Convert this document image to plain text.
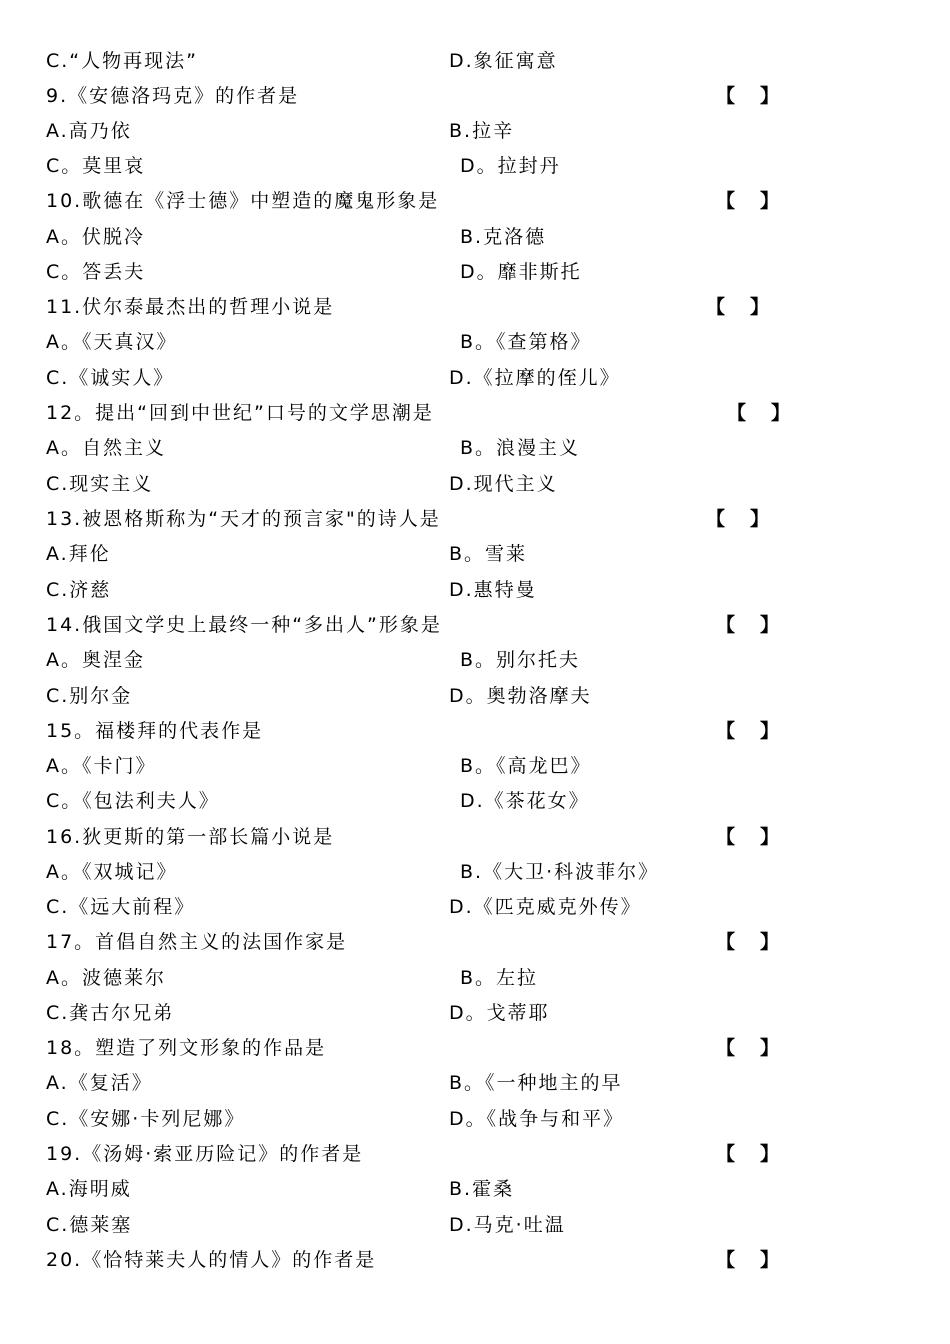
C.“人物再现法”	D.象征寓意
9.《安德洛玛克》的作者是	【 】
A.高乃依	B.拉辛
C。莫里哀	D。拉封丹
10.歌德在《浮士德》中塑造的魔鬼形象是	【 】
A。伏脱冷	B.克洛德
C。答丢夫	D。靡非斯托
11.伏尔泰最杰出的哲理小说是	【 】
A。《天真汉》	B。《查第格》
C.《诚实人》	D.《拉摩的侄儿》
12。提出“回到中世纪”口号的文学思潮是	【 】
A。自然主义	B。浪漫主义
C.现实主义	D.现代主义
13.被恩格斯称为“天才的预言家"的诗人是	【 】
A.拜伦	B。雪莱
C.济慈	D.惠特曼
14.俄国文学史上最终一种“多出人”形象是	【 】
A。奥涅金	B。别尔托夫
C.别尔金	D。奥勃洛摩夫
15。福楼拜的代表作是	【 】
A。《卡门》	B。《高龙巴》
C。《包法利夫人》	D.《茶花女》
16.狄更斯的第一部长篇小说是	【 】
A。《双城记》	B.《大卫·科波菲尔》
C.《远大前程》	D.《匹克威克外传》
17。首倡自然主义的法国作家是	【 】
A。波德莱尔	B。左拉
C.龚古尔兄弟	D。戈蒂耶
18。塑造了列文形象的作品是	【 】
A.《复活》	B。《一种地主的早
C.《安娜·卡列尼娜》	D。《战争与和平》
19.《汤姆·索亚历险记》的作者是	【 】
A.海明威	B.霍桑
C.德莱塞	D.马克·吐温
20.《恰特莱夫人的情人》的作者是	【 】
